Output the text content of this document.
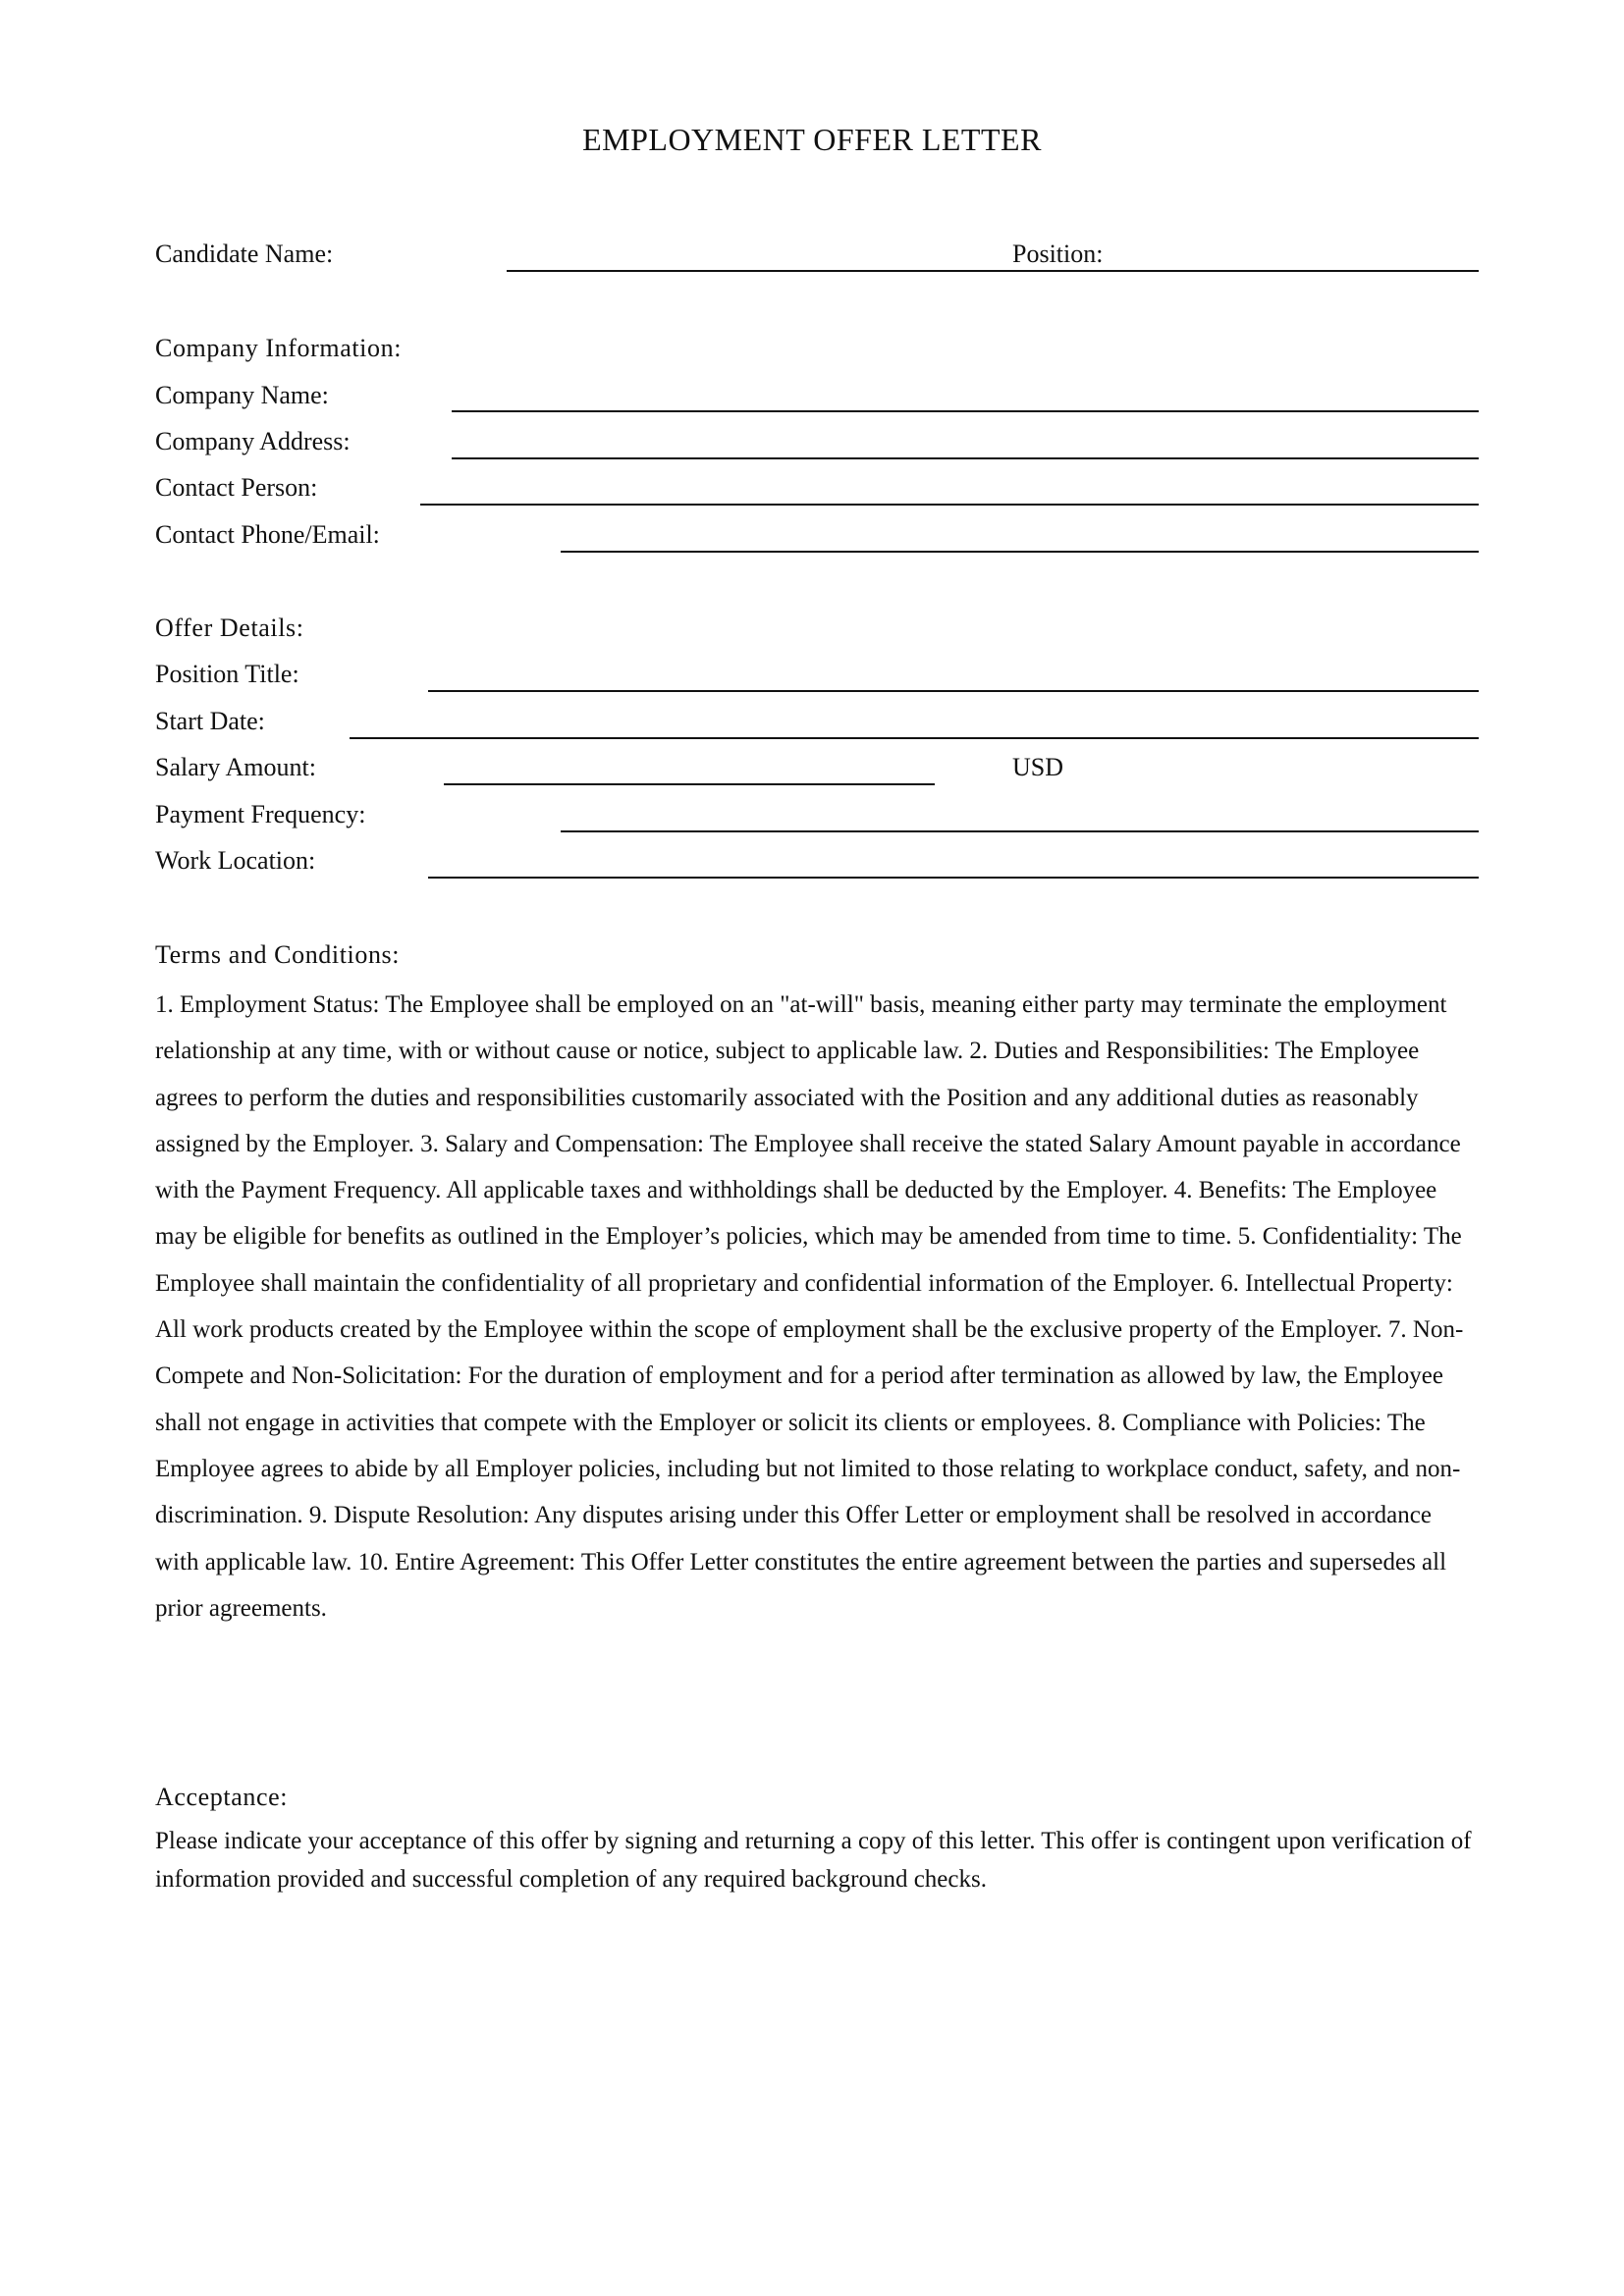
EMPLOYMENT OFFER LETTER
Candidate Name:	Position:
Company Information:
Company Name:
Company Address:
Contact Person:
Contact Phone/Email:
Offer Details:
Position Title:
Start Date:
Salary Amount:	USD
Payment Frequency:
Work Location:
Terms and Conditions:
1. Employment Status: The Employee shall be employed on an "at-will" basis, meaning either party may terminate the employment relationship at any time, with or without cause or notice, subject to applicable law. 2. Duties and Responsibilities: The Employee agrees to perform the duties and responsibilities customarily associated with the Position and any additional duties as reasonably assigned by the Employer. 3. Salary and Compensation: The Employee shall receive the stated Salary Amount payable in accordance with the Payment Frequency. All applicable taxes and withholdings shall be deducted by the Employer. 4. Benefits: The Employee may be eligible for benefits as outlined in the Employer’s policies, which may be amended from time to time. 5. Confidentiality: The Employee shall maintain the confidentiality of all proprietary and confidential information of the Employer. 6. Intellectual Property: All work products created by the Employee within the scope of employment shall be the exclusive property of the Employer. 7. Non-Compete and Non-Solicitation: For the duration of employment and for a period after termination as allowed by law, the Employee shall not engage in activities that compete with the Employer or solicit its clients or employees. 8. Compliance with Policies: The Employee agrees to abide by all Employer policies, including but not limited to those relating to workplace conduct, safety, and non-discrimination. 9. Dispute Resolution: Any disputes arising under this Offer Letter or employment shall be resolved in accordance with applicable law. 10. Entire Agreement: This Offer Letter constitutes the entire agreement between the parties and supersedes all prior agreements.
Acceptance:
Please indicate your acceptance of this offer by signing and returning a copy of this letter. This offer is contingent upon verification of information provided and successful completion of any required background checks.
